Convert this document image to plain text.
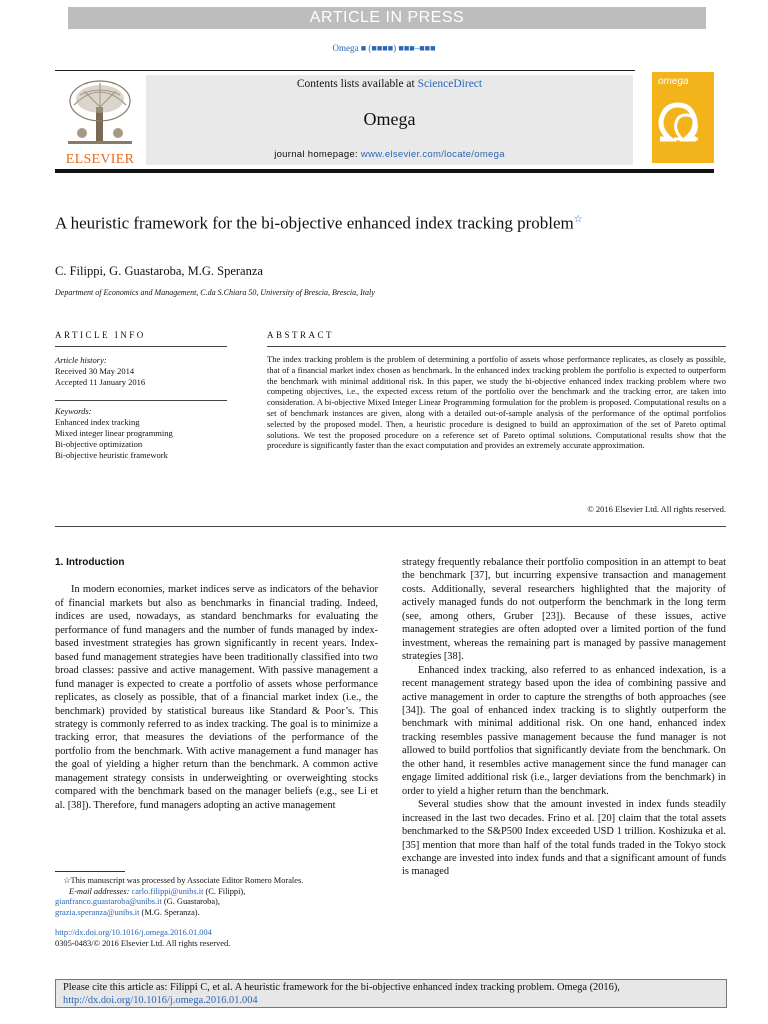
ARTICLE IN PRESS
Omega ■ (■■■■) ■■■–■■■
ELSEVIER
Contents lists available at ScienceDirect
Omega
journal homepage: www.elsevier.com/locate/omega
omega
A heuristic framework for the bi-objective enhanced index tracking problem☆
C. Filippi, G. Guastaroba, M.G. Speranza
Department of Economics and Management, C.da S.Chiara 50, University of Brescia, Brescia, Italy
ARTICLE INFO	ABSTRACT
Article history:
Received 30 May 2014
Accepted 11 January 2016
Keywords:
Enhanced index tracking
Mixed integer linear programming
Bi-objective optimization
Bi-objective heuristic framework
The index tracking problem is the problem of determining a portfolio of assets whose performance replicates, as closely as possible, that of a financial market index chosen as benchmark. In the enhanced index tracking problem the portfolio is expected to outperform the benchmark with minimal additional risk. In this paper, we study the bi-objective enhanced index tracking problem where two competing objectives, i.e., the expected excess return of the portfolio over the benchmark and the tracking error, are taken into consideration. A bi-objective Mixed Integer Linear Programming formulation for the problem is proposed. Computational results on a set of benchmark instances are given, along with a detailed out-of-sample analysis of the performance of the optimal portfolios selected by the proposed model. Then, a heuristic procedure is designed to build an approximation of the set of Pareto optimal solutions. We test the proposed procedure on a reference set of Pareto optimal solutions. Computational results show that the procedure is significantly faster than the exact computation and provides an extremely accurate approximation.
© 2016 Elsevier Ltd. All rights reserved.

1. Introduction

In modern economies, market indices serve as indicators of the behavior of financial markets but also as benchmarks in financial trading. Indeed, indices are used, nowadays, as standard benchmarks for evaluating the performance of fund managers and the number of funds managed by index-based investment strategies has grown significantly in recent years. Index-based fund management strategies have been traditionally classified into two broad classes: passive and active management. With passive management a fund manager is expected to create a portfolio of assets whose performance replicates, as closely as possible, that of a financial market index (i.e., the benchmark) provided by statistical bureaus like Standard & Poor’s. This strategy is commonly referred to as index tracking. The goal is to minimize a tracking error, that measures the deviations of the performance of the portfolio from the benchmark. With active management a fund manager has the goal of yielding a higher return than the benchmark. A common active management strategy consists in underweighting or overweighting stocks compared with the benchmark based on the manager beliefs (e.g., see Li et al. [38]). Therefore, fund managers adopting an active management

strategy frequently rebalance their portfolio composition in an attempt to beat the benchmark [37], but incurring expensive transaction and management costs. Additionally, several researchers highlighted that the majority of actively managed funds do not outperform the benchmark in the long term (see, among others, Gruber [23]). Because of these issues, active management strategies are often adopted over a limited portion of the fund investment, whereas the remaining part is managed by passive management strategies [38].

Enhanced index tracking, also referred to as enhanced indexation, is a recent management strategy based upon the idea of combining passive and active management in order to capture the strengths of both approaches (see [34]). The goal of enhanced index tracking is to slightly outperform the benchmark with minimal additional risk. On one hand, enhanced index tracking resembles passive management because the fund manager is not allowed to build portfolios that significantly deviate from the benchmark. On the other hand, it resembles active management since the fund manager can engage limited additional risk (i.e., larger deviations from the benchmark) in order to yield a higher return than the benchmark.

Several studies show that the amount invested in index funds steadily increased in the last two decades. Frino et al. [20] claim that the total assets benchmarked to the S&P500 Index exceeded USD 1 trillion. Koshizuka et al. [35] mention that more than half of the total funds traded in the Tokyo stock exchange are invested into index funds and that a significant amount of funds is managed

☆This manuscript was processed by Associate Editor Romero Morales.
E-mail addresses: carlo.filippi@unibs.it (C. Filippi),
gianfranco.guastaroba@unibs.it (G. Guastaroba),
grazia.speranza@unibs.it (M.G. Speranza).
http://dx.doi.org/10.1016/j.omega.2016.01.004
0305-0483/© 2016 Elsevier Ltd. All rights reserved.
Please cite this article as: Filippi C, et al. A heuristic framework for the bi-objective enhanced index tracking problem. Omega (2016),
http://dx.doi.org/10.1016/j.omega.2016.01.004
